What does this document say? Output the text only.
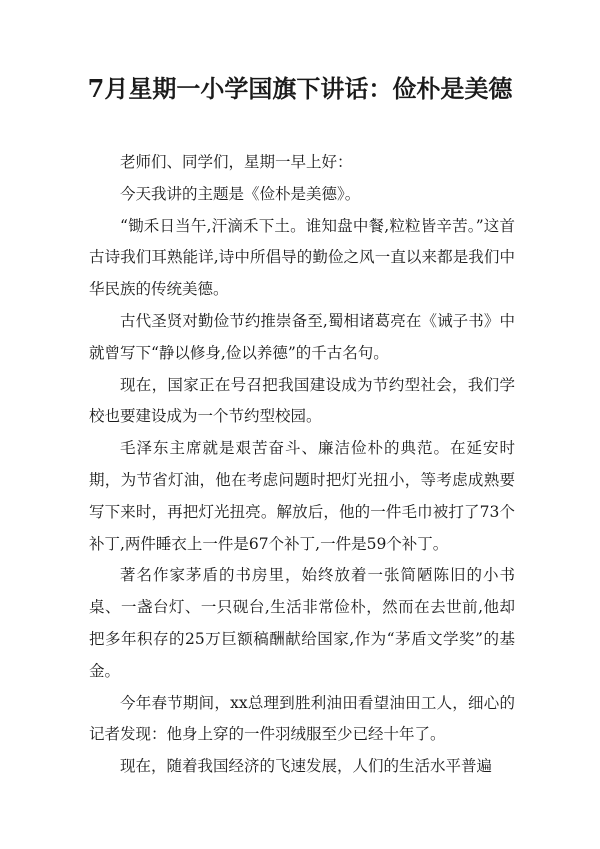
7月星期一小学国旗下讲话：俭朴是美德

老师们、同学们，星期一早上好：

今天我讲的主题是《俭朴是美德》。

“锄禾日当午,汗滴禾下土。谁知盘中餐,粒粒皆辛苦。”这首古诗我们耳熟能详,诗中所倡导的勤俭之风一直以来都是我们中华民族的传统美德。

古代圣贤对勤俭节约推崇备至,蜀相诸葛亮在《诫子书》中就曾写下“静以修身,俭以养德”的千古名句。

现在，国家正在号召把我国建设成为节约型社会，我们学校也要建设成为一个节约型校园。

毛泽东主席就是艰苦奋斗、廉洁俭朴的典范。在延安时期，为节省灯油，他在考虑问题时把灯光扭小，等考虑成熟要写下来时，再把灯光扭亮。解放后，他的一件毛巾被打了73个补丁,两件睡衣上一件是67个补丁,一件是59个补丁。

著名作家茅盾的书房里，始终放着一张简陋陈旧的小书桌、一盏台灯、一只砚台,生活非常俭朴，然而在去世前,他却把多年积存的25万巨额稿酬献给国家,作为“茅盾文学奖”的基金。

今年春节期间，xx总理到胜利油田看望油田工人，细心的记者发现：他身上穿的一件羽绒服至少已经十年了。

现在，随着我国经济的飞速发展，人们的生活水平普遍
